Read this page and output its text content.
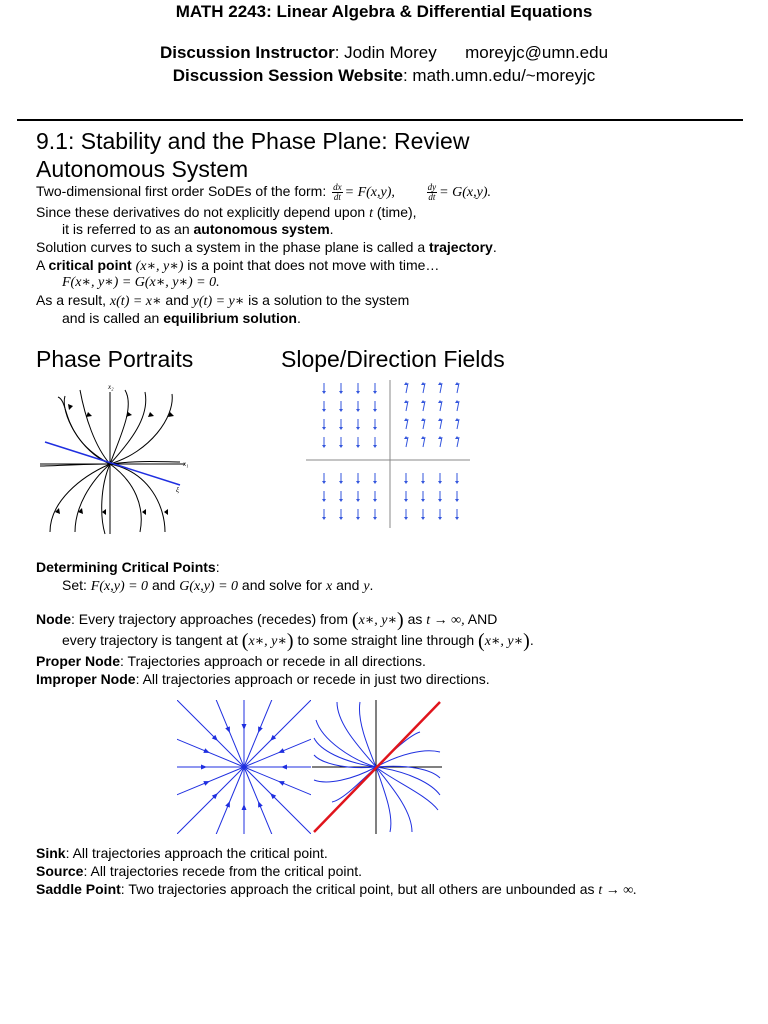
MATH 2243: Linear Algebra & Differential Equations
Discussion Instructor: Jodin Morey moreyjc@umn.edu
Discussion Session Website: math.umn.edu/~moreyjc
9.1: Stability and the Phase Plane: Review
Autonomous System
Two-dimensional first order SoDEs of the form: $\frac{dx}{dt} = F(x,y)$,	$\frac{dy}{dt} = G(x,y)$.
Since these derivatives do not explicitly depend upon t (time),
it is referred to as an autonomous system.
Solution curves to such a system in the phase plane is called a trajectory.
A critical point (x∗, y∗) is a point that does not move with time…
F(x∗, y∗) = G(x∗, y∗) = 0.
As a result, x(t) = x∗ and y(t) = y∗ is a solution to the system
and is called an equilibrium solution.
Phase Portraits	Slope/Direction Fields
x₂
x₁
ξ
Determining Critical Points:
Set: F(x,y) = 0 and G(x,y) = 0 and solve for x and y.
Node: Every trajectory approaches (recedes) from (x∗, y∗) as t → ∞, AND
every trajectory is tangent at (x∗, y∗) to some straight line through (x∗, y∗).
Proper Node: Trajectories approach or recede in all directions.
Improper Node: All trajectories approach or recede in just two directions.
Sink: All trajectories approach the critical point.
Source: All trajectories recede from the critical point.
Saddle Point: Two trajectories approach the critical point, but all others are unbounded as t → ∞.
